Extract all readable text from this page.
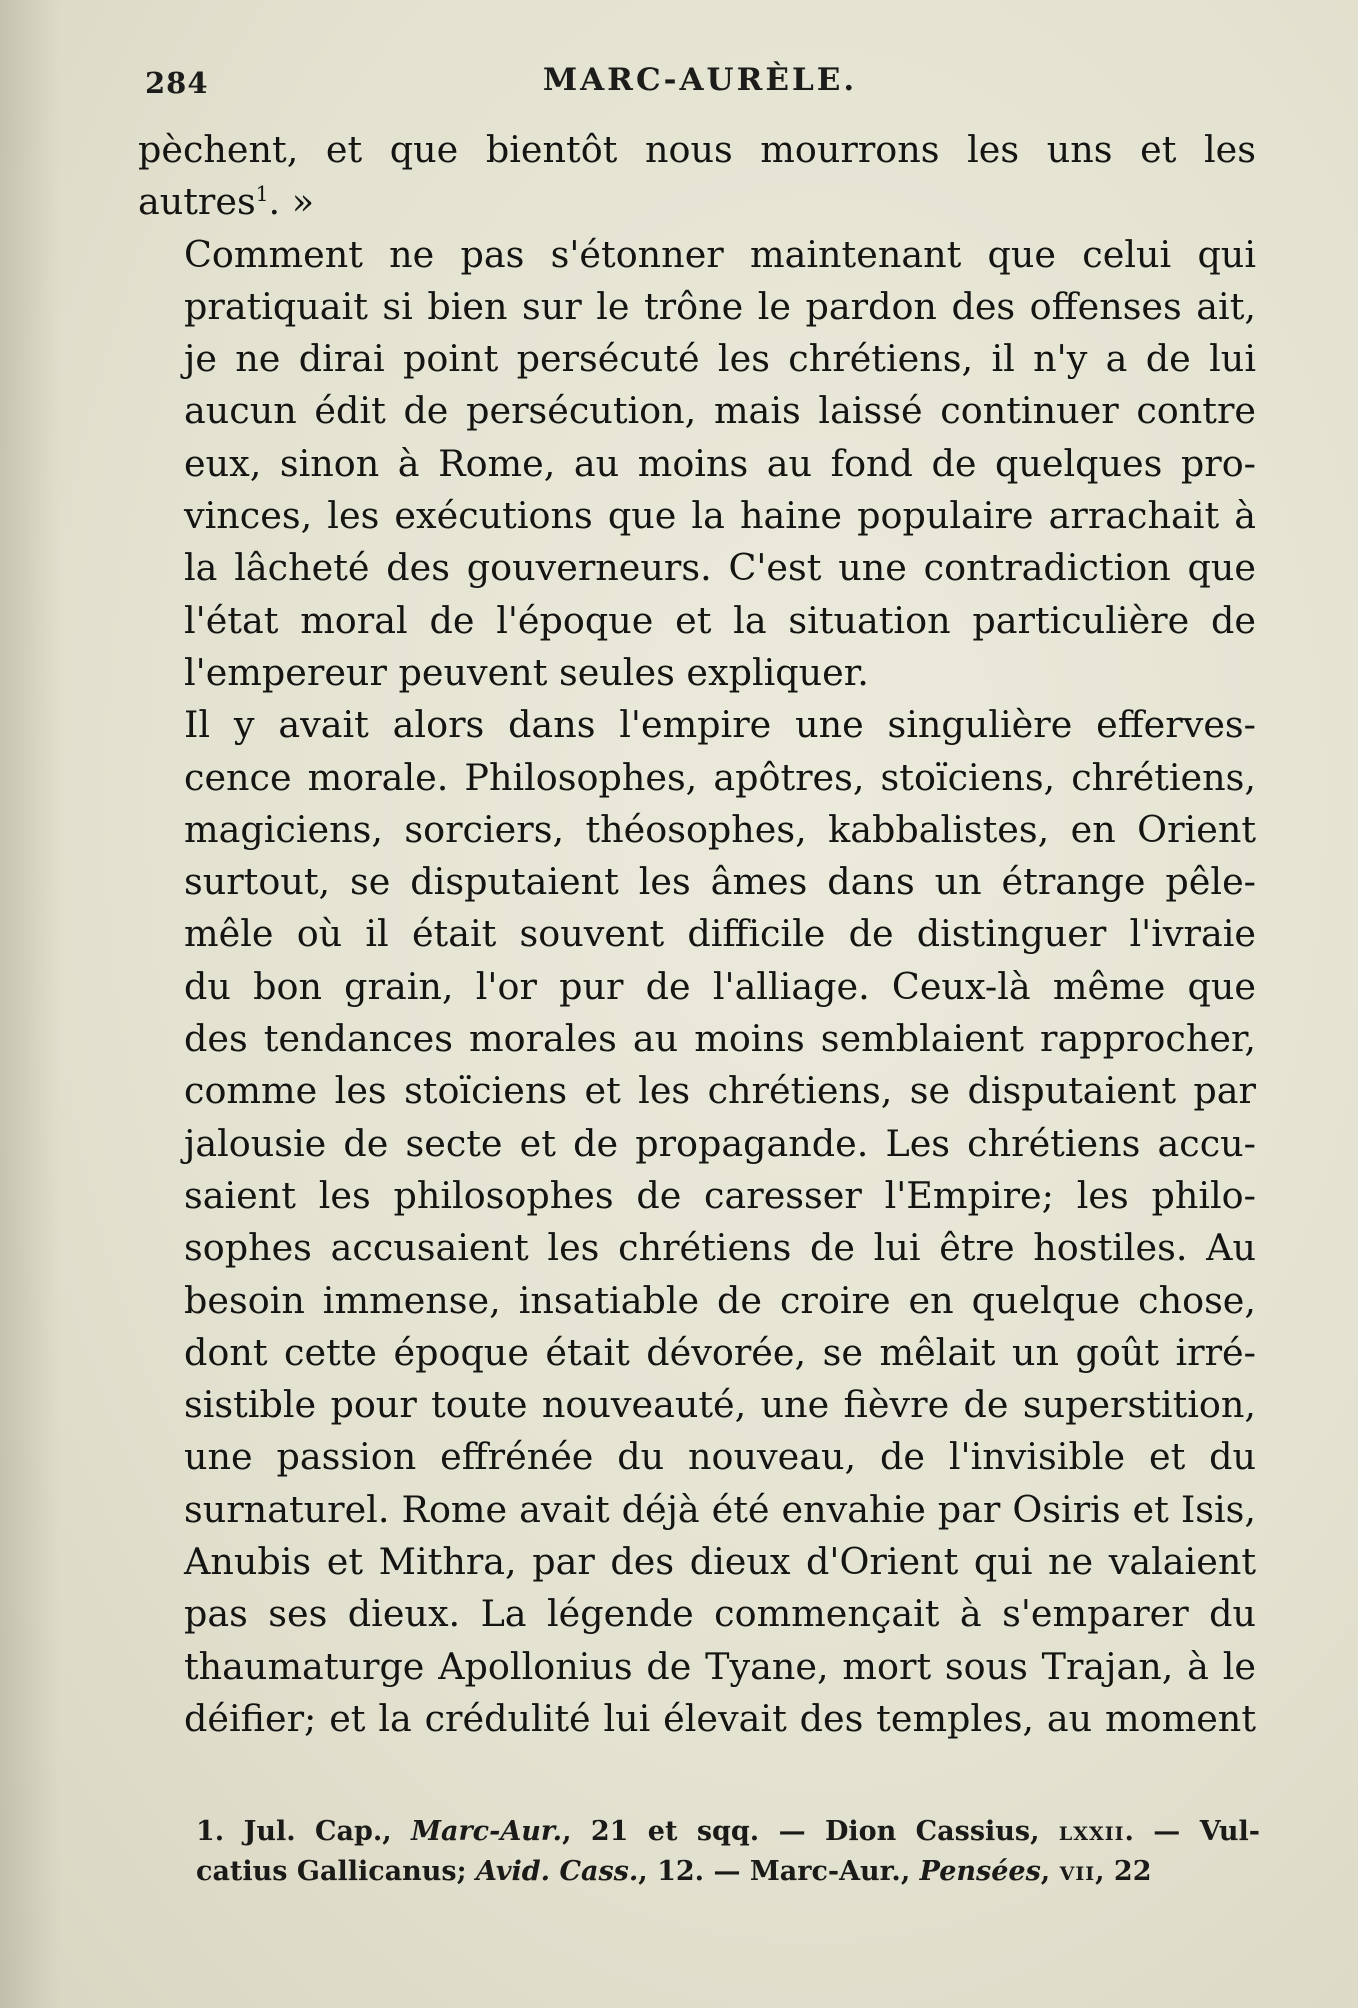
284	MARC-AURÈLE.

pèchent, et que bientôt nous mourrons les uns et les
autres$^1$. »

Comment ne pas s'étonner maintenant que celui qui
pratiquait si bien sur le trône le pardon des offenses ait,
je ne dirai point persécuté les chrétiens, il n'y a de lui
aucun édit de persécution, mais laissé continuer contre
eux, sinon à Rome, au moins au fond de quelques pro-
vinces, les exécutions que la haine populaire arrachait à
la lâcheté des gouverneurs. C'est une contradiction que
l'état moral de l'époque et la situation particulière de
l'empereur peuvent seules expliquer.

Il y avait alors dans l'empire une singulière efferves-
cence morale. Philosophes, apôtres, stoïciens, chrétiens,
magiciens, sorciers, théosophes, kabbalistes, en Orient
surtout, se disputaient les âmes dans un étrange pêle-
mêle où il était souvent difficile de distinguer l'ivraie
du bon grain, l'or pur de l'alliage. Ceux-là même que
des tendances morales au moins semblaient rapprocher,
comme les stoïciens et les chrétiens, se disputaient par
jalousie de secte et de propagande. Les chrétiens accu-
saient les philosophes de caresser l'Empire; les philo-
sophes accusaient les chrétiens de lui être hostiles. Au
besoin immense, insatiable de croire en quelque chose,
dont cette époque était dévorée, se mêlait un goût irré-
sistible pour toute nouveauté, une fièvre de superstition,
une passion effrénée du nouveau, de l'invisible et du
surnaturel. Rome avait déjà été envahie par Osiris et Isis,
Anubis et Mithra, par des dieux d'Orient qui ne valaient
pas ses dieux. La légende commençait à s'emparer du
thaumaturge Apollonius de Tyane, mort sous Trajan, à le
déifier; et la crédulité lui élevait des temples, au moment

1. Jul. Cap., Marc-Aur., 21 et sqq. — Dion Cassius, lxxii. — Vul-
catius Gallicanus; Avid. Cass., 12. — Marc-Aur., Pensées, vii, 22
